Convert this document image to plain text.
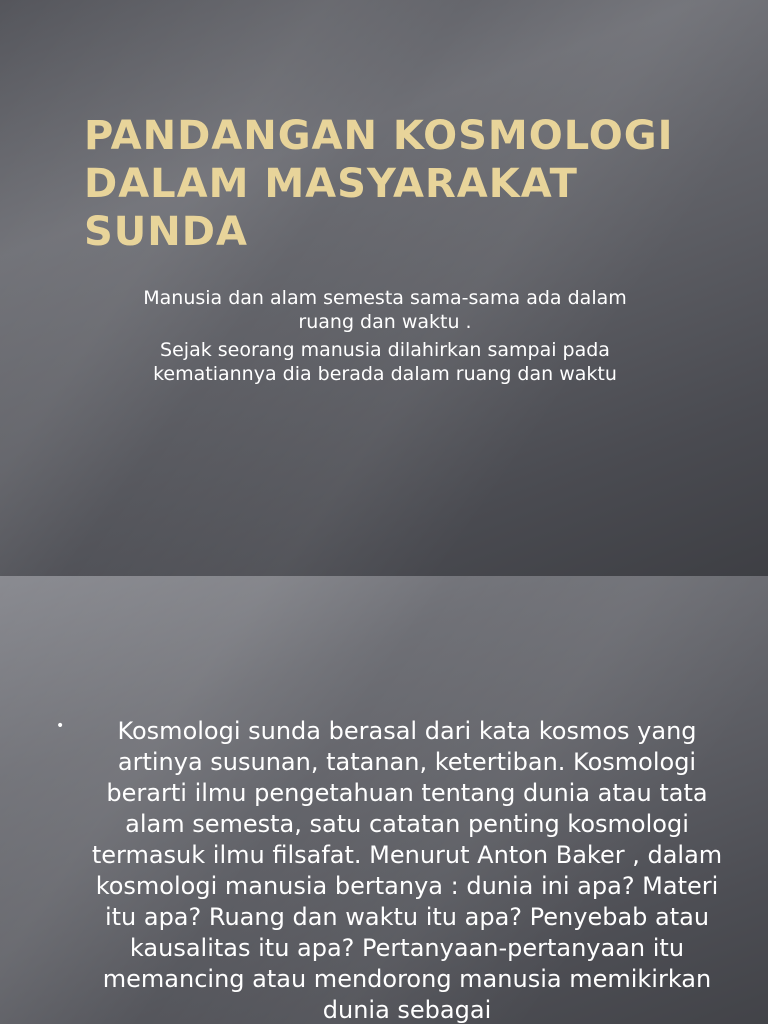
PANDANGAN KOSMOLOGI DALAM MASYARAKAT SUNDA

Manusia dan alam semesta sama-sama ada dalam ruang dan waktu .

Sejak seorang manusia dilahirkan sampai pada kematiannya dia berada dalam ruang dan waktu

•	Kosmologi sunda berasal dari kata kosmos yang artinya susunan, tatanan, ketertiban. Kosmologi berarti ilmu pengetahuan tentang dunia atau tata alam semesta, satu catatan penting kosmologi termasuk ilmu filsafat. Menurut Anton Baker , dalam kosmologi manusia bertanya : dunia ini apa? Materi itu apa? Ruang dan waktu itu apa? Penyebab atau kausalitas itu apa? Pertanyaan-pertanyaan itu memancing atau mendorong manusia memikirkan dunia sebagai
